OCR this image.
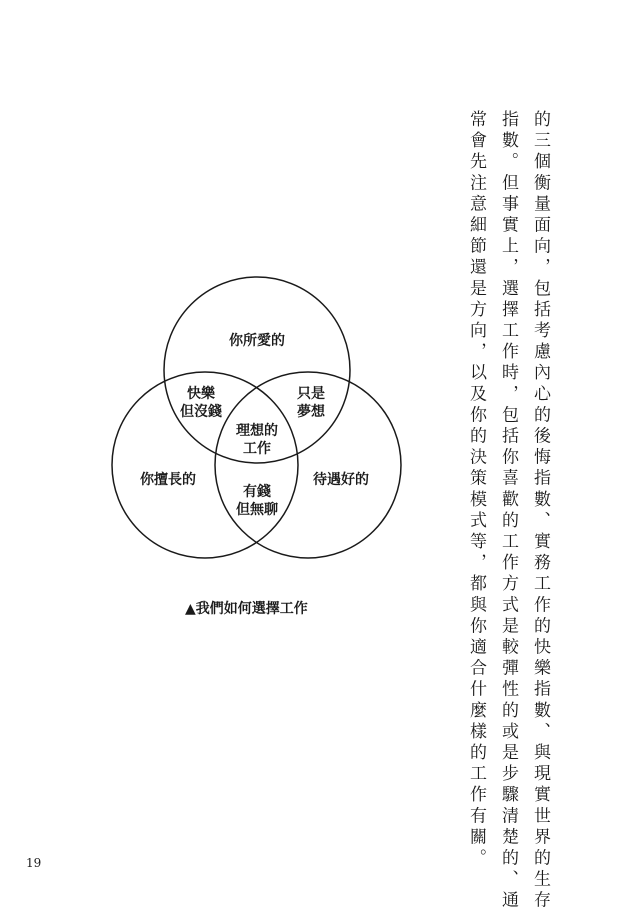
的三個衡量面向，包括考慮內心的後悔指數、實務工作的快樂指數、與現實世界的生存
指數。但事實上，選擇工作時，包括你喜歡的工作方式是較彈性的或是步驟清楚的、通
常會先注意細節還是方向，以及你的決策模式等，都與你適合什麼樣的工作有關。
你所愛的
你擅長的	待遇好的
快樂
但沒錢
只是
夢想
理想的
工作
有錢
但無聊
▲我們如何選擇工作
19
